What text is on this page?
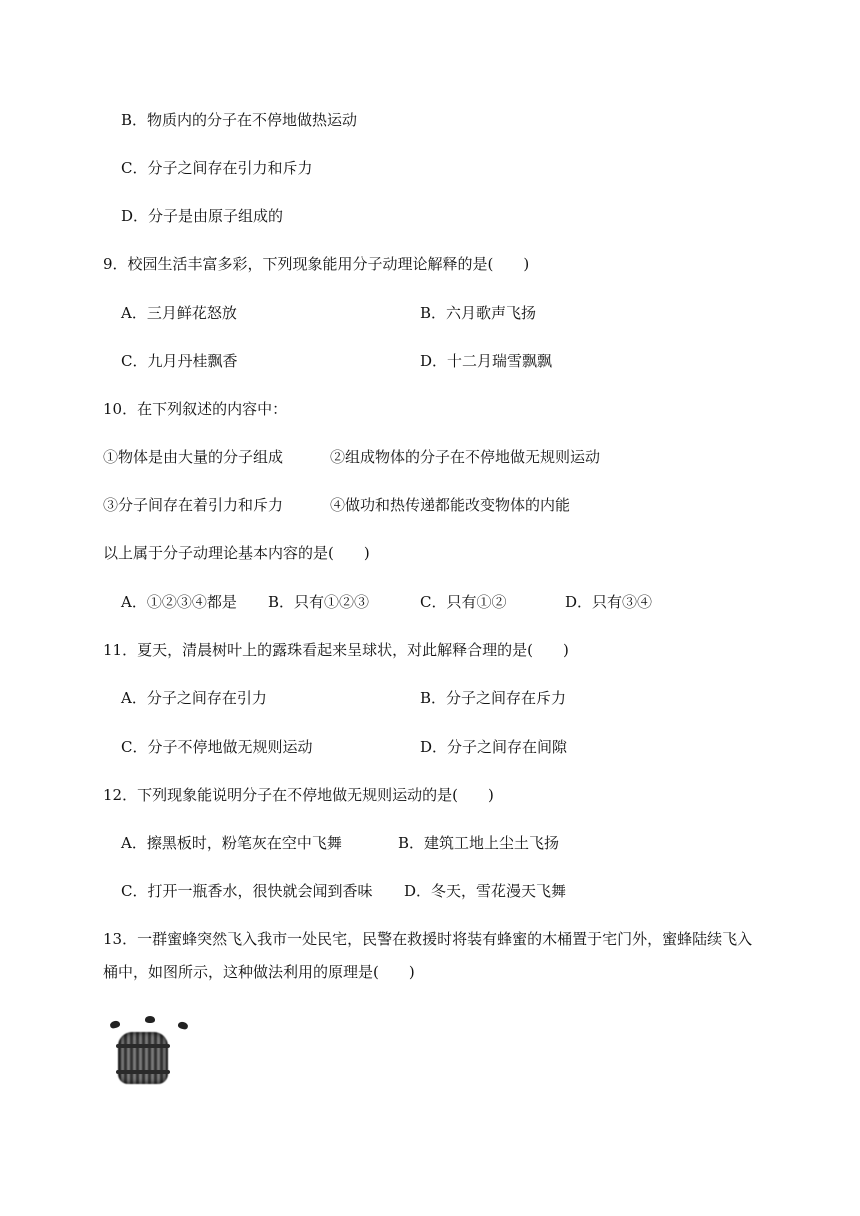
B．物质内的分子在不停地做热运动
C．分子之间存在引力和斥力
D．分子是由原子组成的
9．校园生活丰富多彩，下列现象能用分子动理论解释的是(　　)
A．三月鲜花怒放	B．六月歌声飞扬
C．九月丹桂飘香	D．十二月瑞雪飘飘
10．在下列叙述的内容中：
①物体是由大量的分子组成	②组成物体的分子在不停地做无规则运动
③分子间存在着引力和斥力	④做功和热传递都能改变物体的内能
以上属于分子动理论基本内容的是(　　)
A．①②③④都是 B．只有①②③	C．只有①②	D．只有③④
11．夏天，清晨树叶上的露珠看起来呈球状，对此解释合理的是(　　)
A．分子之间存在引力	B．分子之间存在斥力
C．分子不停地做无规则运动	D．分子之间存在间隙
12．下列现象能说明分子在不停地做无规则运动的是(　　)
A．擦黑板时，粉笔灰在空中飞舞	B．建筑工地上尘土飞扬
C．打开一瓶香水，很快就会闻到香味 D．冬天，雪花漫天飞舞
13．一群蜜蜂突然飞入我市一处民宅，民警在救援时将装有蜂蜜的木桶置于宅门外，蜜蜂陆续飞入
桶中，如图所示，这种做法利用的原理是(　　)
